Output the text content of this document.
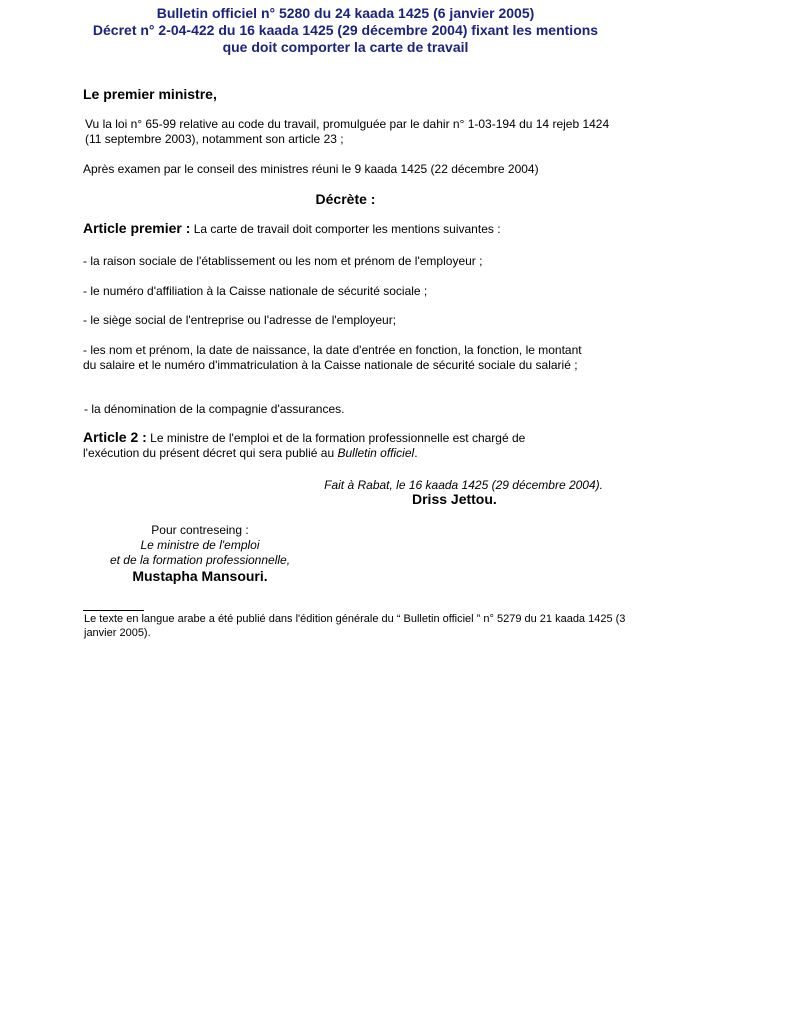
Bulletin officiel n° 5280 du 24 kaada 1425 (6 janvier 2005)
Décret n° 2-04-422 du 16 kaada 1425 (29 décembre 2004) fixant les mentions
que doit comporter la carte de travail
Le premier ministre,
Vu la loi n° 65-99 relative au code du travail, promulguée par le dahir n° 1-03-194 du 14 rejeb 1424 (11 septembre 2003), notamment son article 23 ;
Après examen par le conseil des ministres réuni le 9 kaada 1425 (22 décembre 2004)
Décrète :
Article premier : La carte de travail doit comporter les mentions suivantes :
- la raison sociale de l'établissement ou les nom et prénom de l'employeur ;
- le numéro d'affiliation à la Caisse nationale de sécurité sociale ;
- le siège social de l'entreprise ou l'adresse de l'employeur;
- les nom et prénom, la date de naissance, la date d'entrée en fonction, la fonction, le montant du salaire et le numéro d'immatriculation à la Caisse nationale de sécurité sociale du salarié ;
- la dénomination de la compagnie d'assurances.
Article 2 : Le ministre de l'emploi et de la formation professionnelle est chargé de l'exécution du présent décret qui sera publié au Bulletin officiel.
Fait à Rabat, le 16 kaada 1425 (29 décembre 2004).
Driss Jettou.
Pour contreseing :
Le ministre de l'emploi
et de la formation professionnelle,
Mustapha Mansouri.
Le texte en langue arabe a été publié dans l'édition générale du “ Bulletin officiel ” n° 5279 du 21 kaada 1425 (3 janvier 2005).
